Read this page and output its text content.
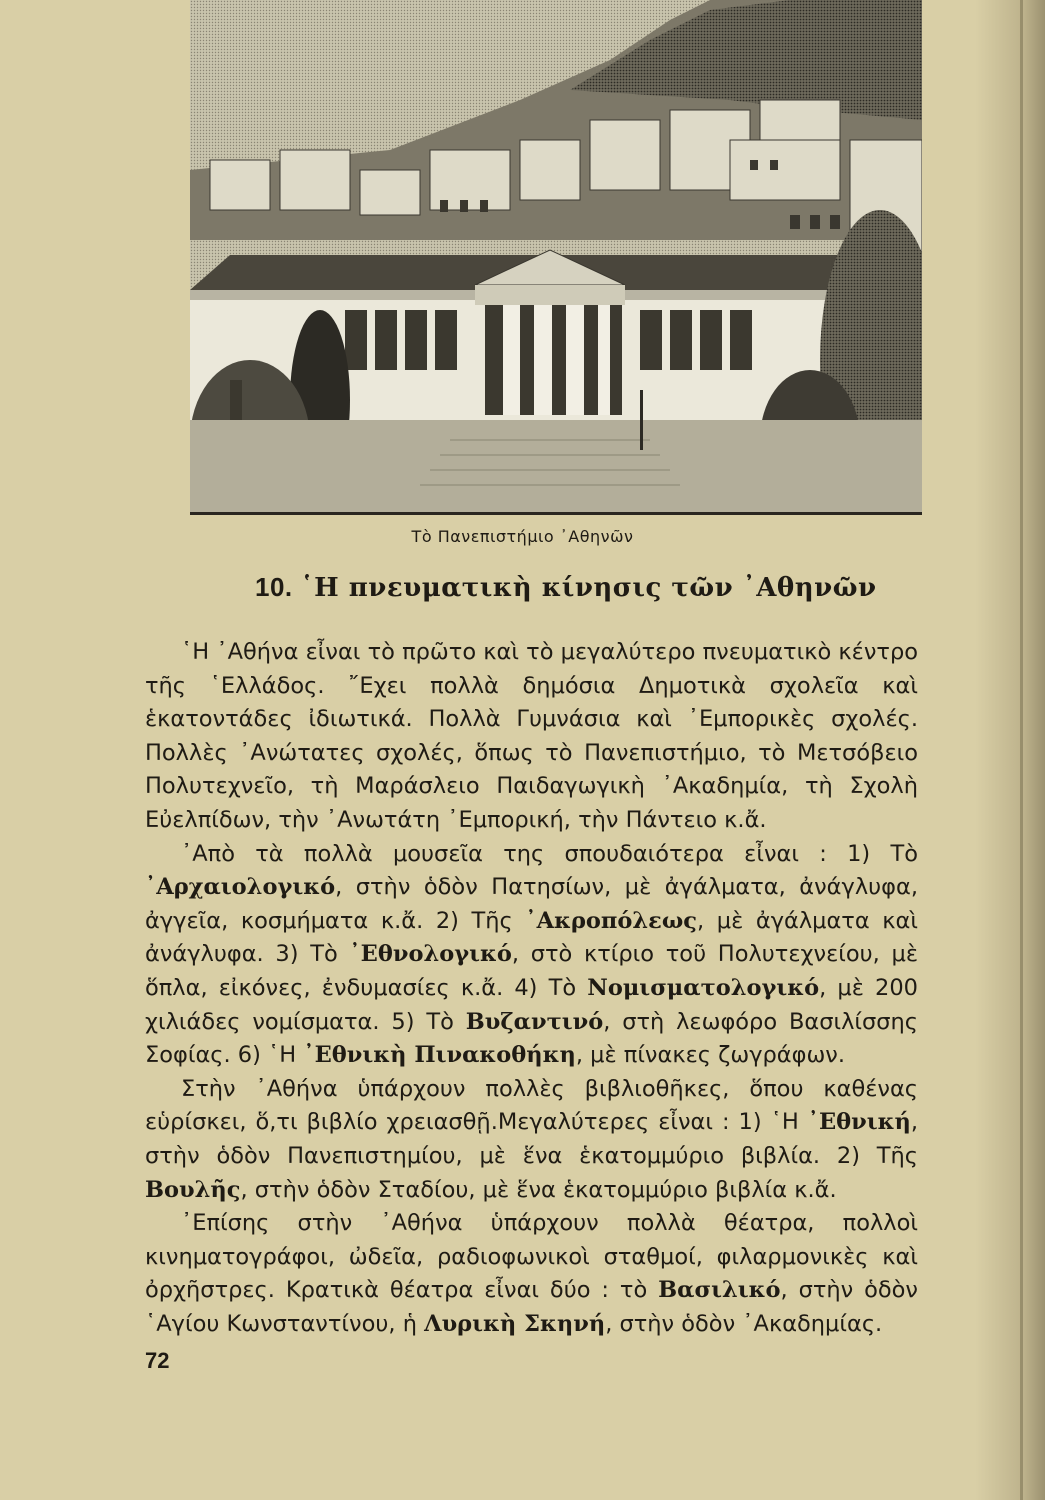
Τὸ Πανεπιστήμιο ᾿Αθηνῶν
10. ῾Η πνευματικὴ κίνησις τῶν ᾿Αθηνῶν

῾Η ᾿Αθήνα εἶναι τὸ πρῶτο καὶ τὸ μεγαλύτερο πνευματικὸ κέντρο τῆς ῾Ελλάδος. ῎Εχει πολλὰ δημόσια Δημοτικὰ σχολεῖα καὶ ἑκατοντάδες ἰδιωτικά. Πολλὰ Γυμνάσια καὶ ᾿Εμπορικὲς σχολές. Πολλὲς ᾿Ανώτατες σχολές, ὅπως τὸ Πανεπιστήμιο, τὸ Μετσόβειο Πολυτεχνεῖο, τὴ Μαράσλειο Παιδαγωγικὴ ᾿Ακαδημία, τὴ Σχολὴ Εὐελπίδων, τὴν ᾿Ανωτάτη ᾿Εμπορική, τὴν Πάντειο κ.ἄ.

᾿Απὸ τὰ πολλὰ μουσεῖα της σπουδαιότερα εἶναι : 1) Τὸ ᾿Αρχαιολογικό, στὴν ὁδὸν Πατησίων, μὲ ἀγάλματα, ἀνάγλυφα, ἀγγεῖα, κοσμήματα κ.ἄ. 2) Τῆς ᾿Ακροπόλεως, μὲ ἀγάλματα καὶ ἀνάγλυφα. 3) Τὸ ᾿Εθνολογικό, στὸ κτίριο τοῦ Πολυτεχνείου, μὲ ὅπλα, εἰκόνες, ἐνδυμασίες κ.ἄ. 4) Τὸ Νομισματολογικό, μὲ 200 χιλιάδες νομίσματα. 5) Τὸ Βυζαντινό, στὴ λεωφόρο Βασιλίσσης Σοφίας. 6) ῾Η ᾿Εθνικὴ Πινακοθήκη, μὲ πίνακες ζωγράφων.

Στὴν ᾿Αθήνα ὑπάρχουν πολλὲς βιβλιοθῆκες, ὅπου καθένας εὑρίσκει, ὅ,τι βιβλίο χρειασθῇ.Μεγαλύτερες εἶναι : 1) ῾Η ᾿Εθνική, στὴν ὁδὸν Πανεπιστημίου, μὲ ἕνα ἑκατομμύριο βιβλία. 2) Τῆς Βουλῆς, στὴν ὁδὸν Σταδίου, μὲ ἕνα ἑκατομμύριο βιβλία κ.ἄ.

᾿Επίσης στὴν ᾿Αθήνα ὑπάρχουν πολλὰ θέατρα, πολλοὶ κινηματογράφοι, ὠδεῖα, ραδιοφωνικοὶ σταθμοί, φιλαρμονικὲς καὶ ὀρχῆστρες. Κρατικὰ θέατρα εἶναι δύο : τὸ Βασιλικό, στὴν ὁδὸν ῾Αγίου Κωνσταντίνου, ἡ Λυρικὴ Σκηνή, στὴν ὁδὸν ᾿Ακαδημίας.

72
